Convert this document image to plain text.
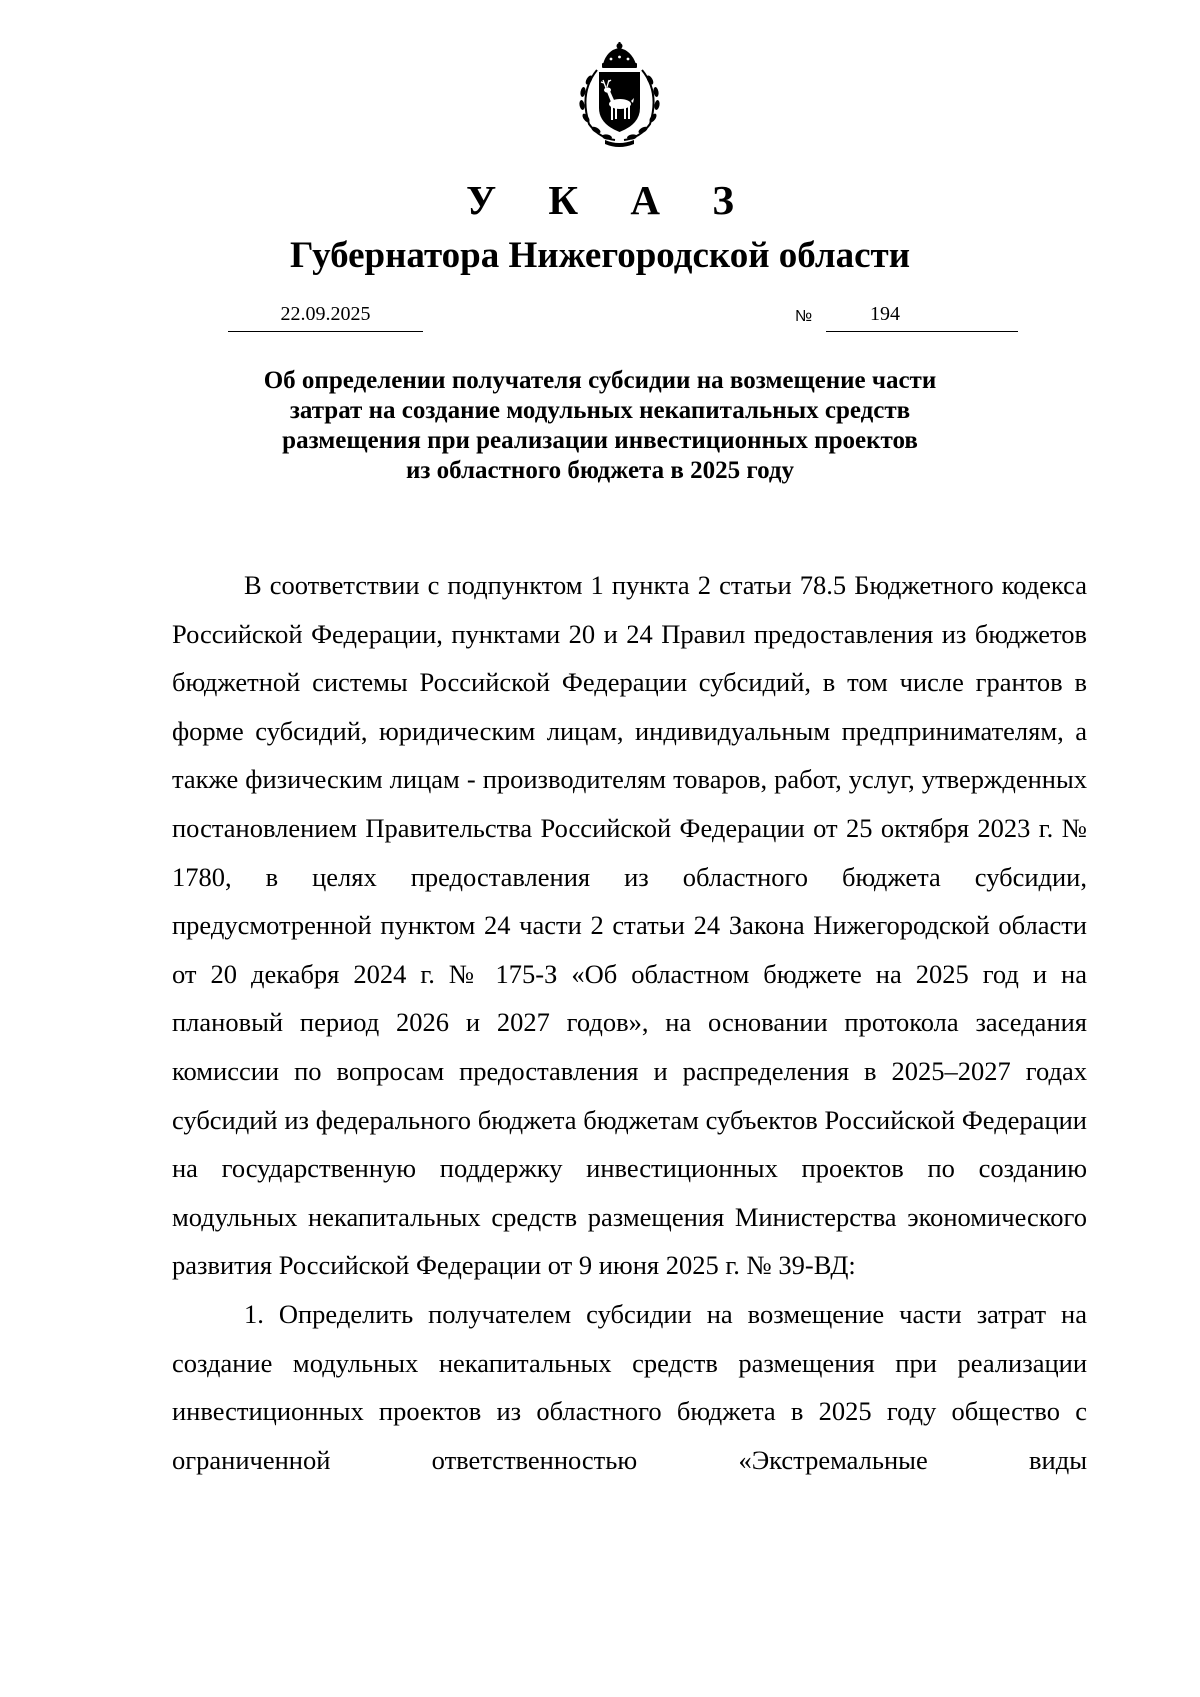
У К А З
Губернатора Нижегородской области
22.09.2025	№	194
Об определении получателя субсидии на возмещение части
затрат на создание модульных некапитальных средств
размещения при реализации инвестиционных проектов
из областного бюджета в 2025 году

В соответствии с подпунктом 1 пункта 2 статьи 78.5 Бюджетного кодекса Российской Федерации, пунктами 20 и 24 Правил предоставления из бюджетов бюджетной системы Российской Федерации субсидий, в том числе грантов в форме субсидий, юридическим лицам, индивидуальным предпринимателям, а также физическим лицам - производителям товаров, работ, услуг, утвержденных постановлением Правительства Российской Федерации от 25 октября 2023 г. № 1780, в целях предоставления из областного бюджета субсидии, предусмотренной пунктом 24 части 2 статьи 24 Закона Нижегородской области от 20 декабря 2024 г. № 175-З «Об областном бюджете на 2025 год и на плановый период 2026 и 2027 годов», на основании протокола заседания комиссии по вопросам предоставления и распределения в 2025–2027 годах субсидий из федерального бюджета бюджетам субъектов Российской Федерации на государственную поддержку инвестиционных проектов по созданию модульных некапитальных средств размещения Министерства экономического развития Российской Федерации от 9 июня 2025 г. № 39-ВД:

1. Определить получателем субсидии на возмещение части затрат на создание модульных некапитальных средств размещения при реализации инвестиционных проектов из областного бюджета в 2025 году общество с ограниченной ответственностью «Экстремальные виды
